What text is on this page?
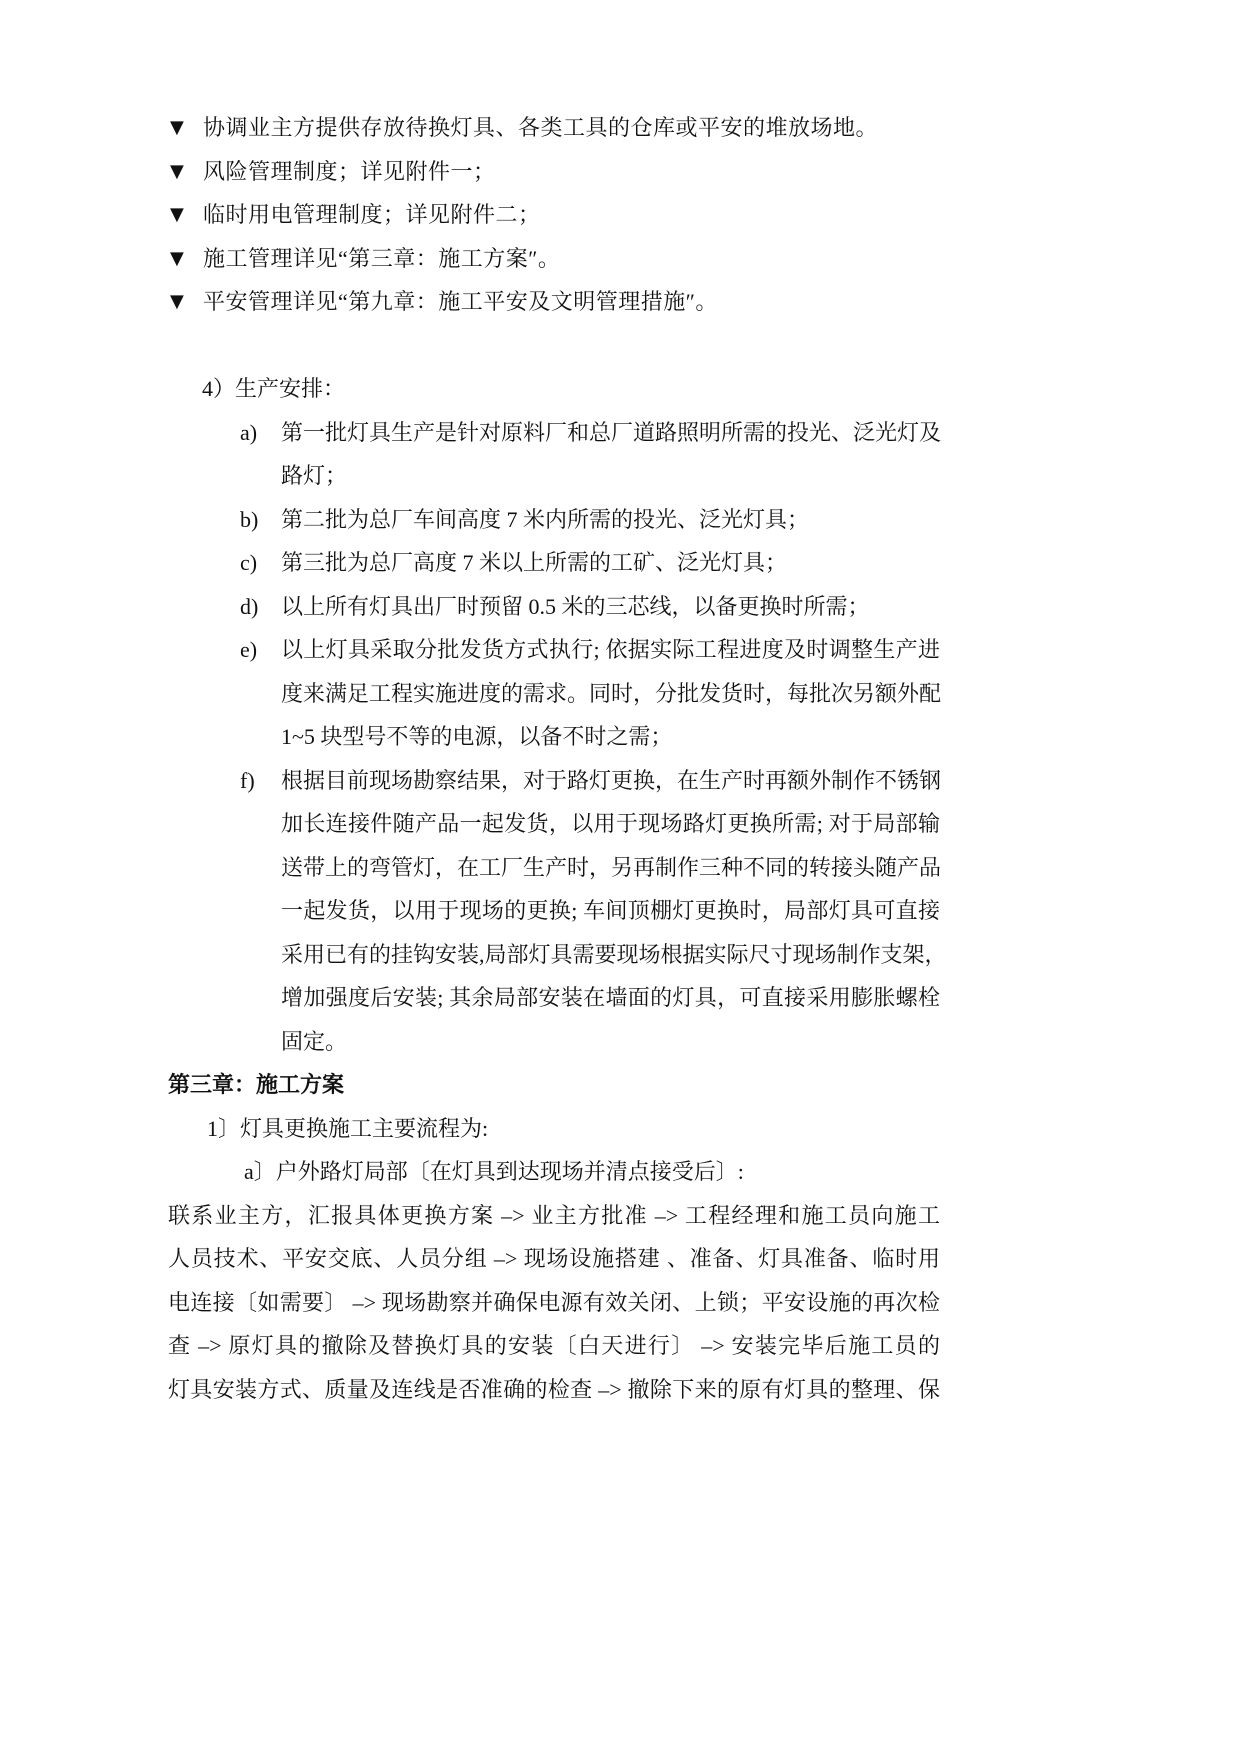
▼ 协调业主方提供存放待换灯具、各类工具的仓库或平安的堆放场地。
▼ 风险管理制度；详见附件一；
▼ 临时用电管理制度；详见附件二；
▼ 施工管理详见“第三章：施工方案″。
▼ 平安管理详见“第九章：施工平安及文明管理措施″。
4）生产安排：
a)	第一批灯具生产是针对原料厂和总厂道路照明所需的投光、泛光灯及
路灯；
b)	第二批为总厂车间高度 7 米内所需的投光、泛光灯具；
c)	第三批为总厂高度 7 米以上所需的工矿、泛光灯具；
d)	以上所有灯具出厂时预留 0.5 米的三芯线，以备更换时所需；
e)	以上灯具采取分批发货方式执行; 依据实际工程进度及时调整生产进
度来满足工程实施进度的需求。同时，分批发货时，每批次另额外配
1~5 块型号不等的电源，以备不时之需；
f)	根据目前现场勘察结果，对于路灯更换，在生产时再额外制作不锈钢
加长连接件随产品一起发货，以用于现场路灯更换所需; 对于局部输
送带上的弯管灯，在工厂生产时，另再制作三种不同的转接头随产品
一起发货，以用于现场的更换; 车间顶棚灯更换时，局部灯具可直接
采用已有的挂钩安装,局部灯具需要现场根据实际尺寸现场制作支架，
增加强度后安装; 其余局部安装在墙面的灯具，可直接采用膨胀螺栓
固定。
第三章：施工方案
1〕灯具更换施工主要流程为:
a〕户外路灯局部〔在灯具到达现场并清点接受后〕:
联系业主方，汇报具体更换方案 –> 业主方批准 –> 工程经理和施工员向施工
人员技术、平安交底、人员分组 –> 现场设施搭建 、准备、灯具准备、临时用
电连接〔如需要〕 –> 现场勘察并确保电源有效关闭、上锁；平安设施的再次检
查 –> 原灯具的撤除及替换灯具的安装〔白天进行〕 –> 安装完毕后施工员的
灯具安装方式、质量及连线是否准确的检查 –> 撤除下来的原有灯具的整理、保
